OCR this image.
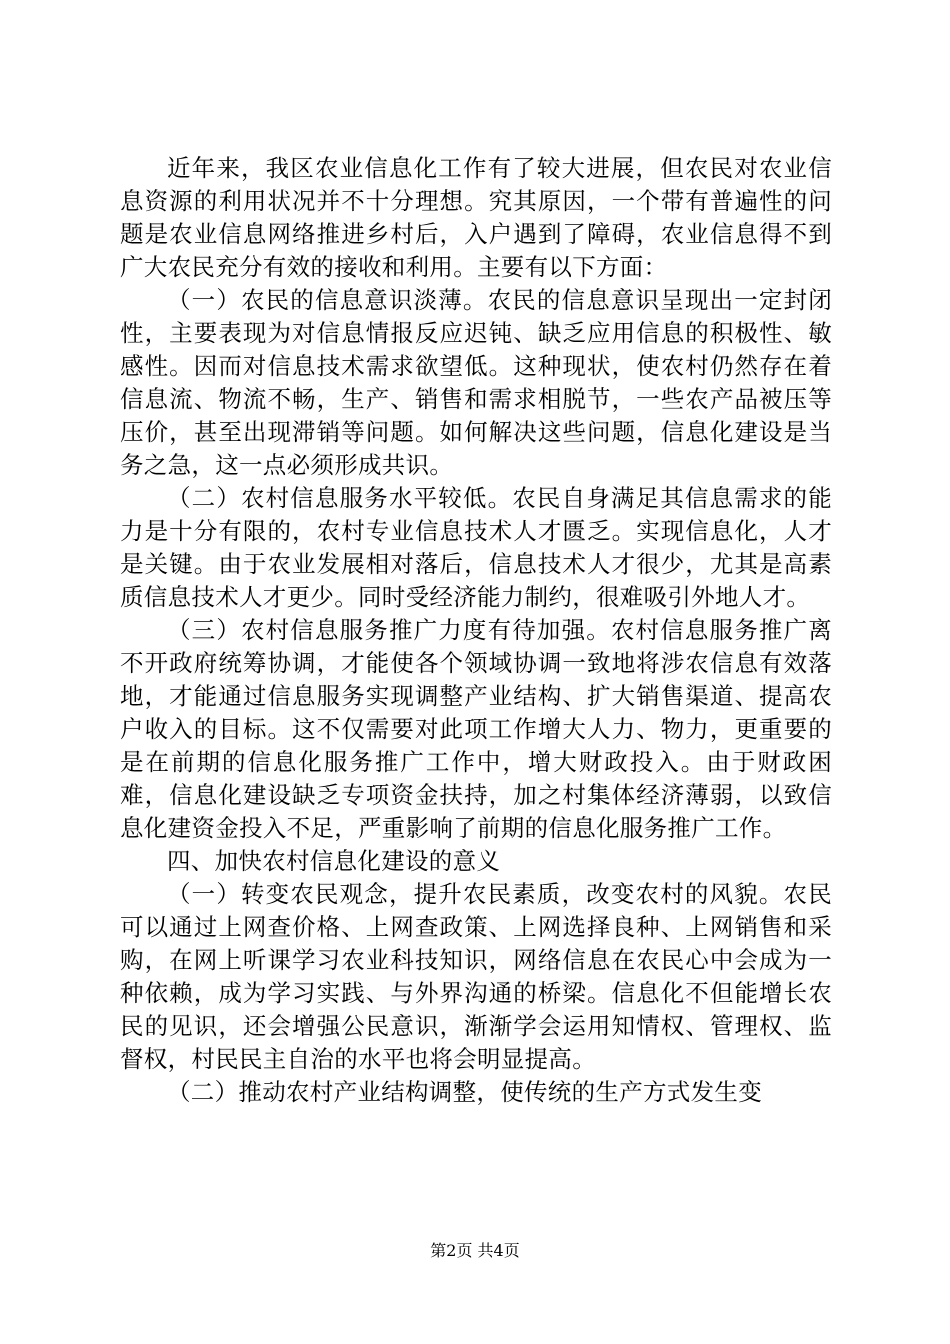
近年来，我区农业信息化工作有了较大进展，但农民对农业信息资源的利用状况并不十分理想。究其原因，一个带有普遍性的问题是农业信息网络推进乡村后，入户遇到了障碍，农业信息得不到广大农民充分有效的接收和利用。主要有以下方面：

（一）农民的信息意识淡薄。农民的信息意识呈现出一定封闭性，主要表现为对信息情报反应迟钝、缺乏应用信息的积极性、敏感性。因而对信息技术需求欲望低。这种现状，使农村仍然存在着信息流、物流不畅，生产、销售和需求相脱节，一些农产品被压等压价，甚至出现滞销等问题。如何解决这些问题，信息化建设是当务之急，这一点必须形成共识。

（二）农村信息服务水平较低。农民自身满足其信息需求的能力是十分有限的，农村专业信息技术人才匮乏。实现信息化，人才是关键。由于农业发展相对落后，信息技术人才很少，尤其是高素质信息技术人才更少。同时受经济能力制约，很难吸引外地人才。

（三）农村信息服务推广力度有待加强。农村信息服务推广离不开政府统筹协调，才能使各个领域协调一致地将涉农信息有效落地，才能通过信息服务实现调整产业结构、扩大销售渠道、提高农户收入的目标。这不仅需要对此项工作增大人力、物力，更重要的是在前期的信息化服务推广工作中，增大财政投入。由于财政困难，信息化建设缺乏专项资金扶持，加之村集体经济薄弱，以致信息化建资金投入不足，严重影响了前期的信息化服务推广工作。

四、加快农村信息化建设的意义

（一）转变农民观念，提升农民素质，改变农村的风貌。农民可以通过上网查价格、上网查政策、上网选择良种、上网销售和采购，在网上听课学习农业科技知识，网络信息在农民心中会成为一种依赖，成为学习实践、与外界沟通的桥梁。信息化不但能增长农民的见识，还会增强公民意识，渐渐学会运用知情权、管理权、监督权，村民民主自治的水平也将会明显提高。

（二）推动农村产业结构调整，使传统的生产方式发生变

第2页 共4页
